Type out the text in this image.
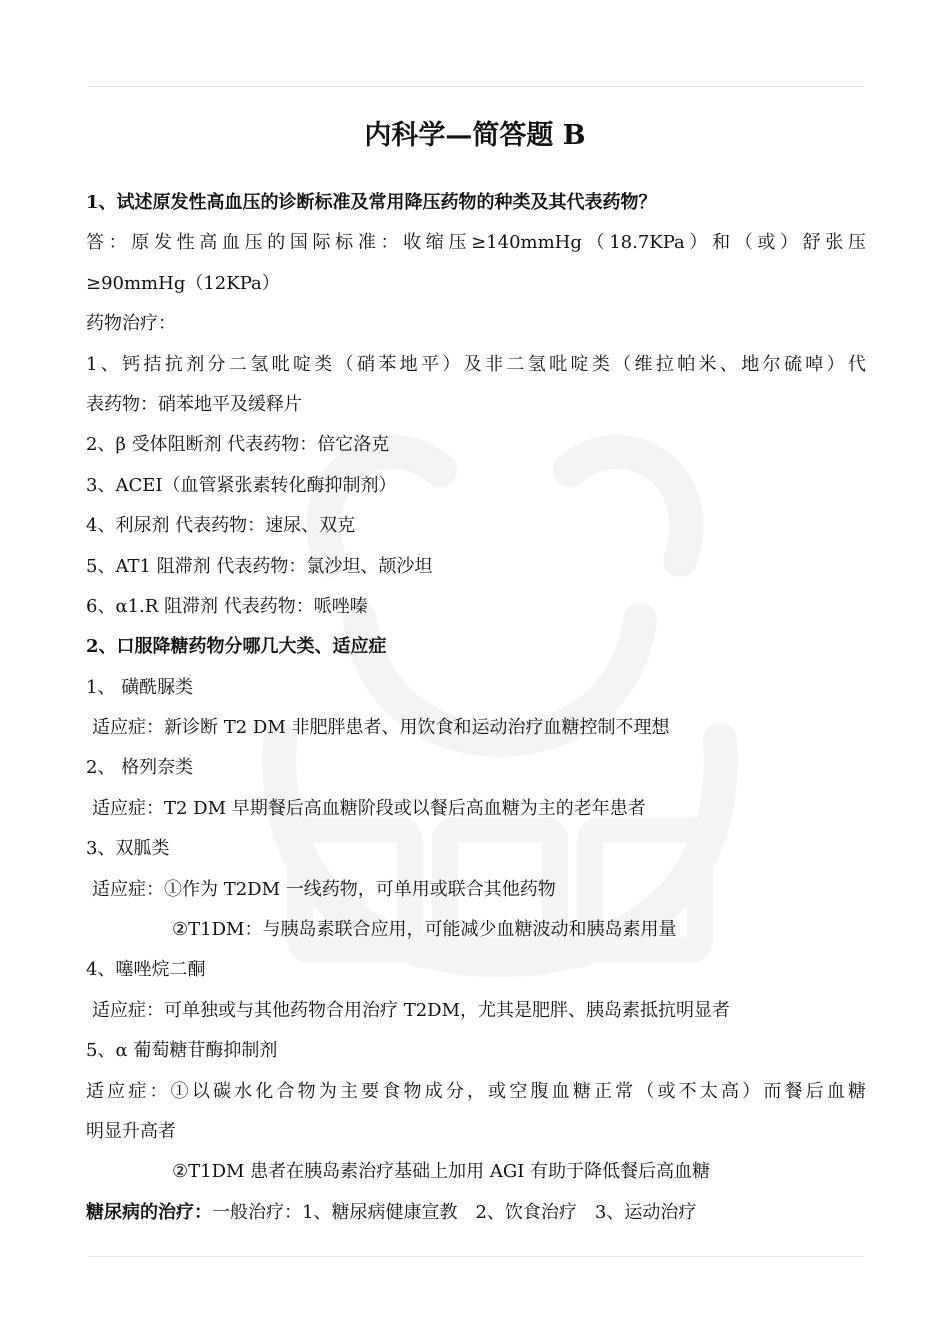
内科学—简答题 B
1、试述原发性高血压的诊断标准及常用降压药物的种类及其代表药物？
答：原发性高血压的国际标准：收缩压≥140mmHg（18.7KPa）和（或）舒张压
≥90mmHg（12KPa）
药物治疗：
1、钙拮抗剂分二氢吡啶类（硝苯地平）及非二氢吡啶类（维拉帕米、地尔硫啅）代
表药物：硝苯地平及缓释片
2、β 受体阻断剂 代表药物：倍它洛克
3、ACEI（血管紧张素转化酶抑制剂）
4、利尿剂 代表药物：速尿、双克
5、AT1 阻滞剂 代表药物：氯沙坦、颉沙坦
6、α1.R 阻滞剂 代表药物：哌唑嗪
2、口服降糖药物分哪几大类、适应症
1、 磺酰脲类
适应症：新诊断 T2 DM 非肥胖患者、用饮食和运动治疗血糖控制不理想
2、 格列奈类
适应症：T2 DM 早期餐后高血糖阶段或以餐后高血糖为主的老年患者
3、双胍类
适应症：①作为 T2DM 一线药物，可单用或联合其他药物
②T1DM：与胰岛素联合应用，可能减少血糖波动和胰岛素用量
4、噻唑烷二酮
适应症：可单独或与其他药物合用治疗 T2DM，尤其是肥胖、胰岛素抵抗明显者
5、α 葡萄糖苷酶抑制剂
适应症：①以碳水化合物为主要食物成分，或空腹血糖正常（或不太高）而餐后血糖
明显升高者
②T1DM 患者在胰岛素治疗基础上加用 AGI 有助于降低餐后高血糖
糖尿病的治疗：一般治疗：1、糖尿病健康宣教　2、饮食治疗　3、运动治疗
